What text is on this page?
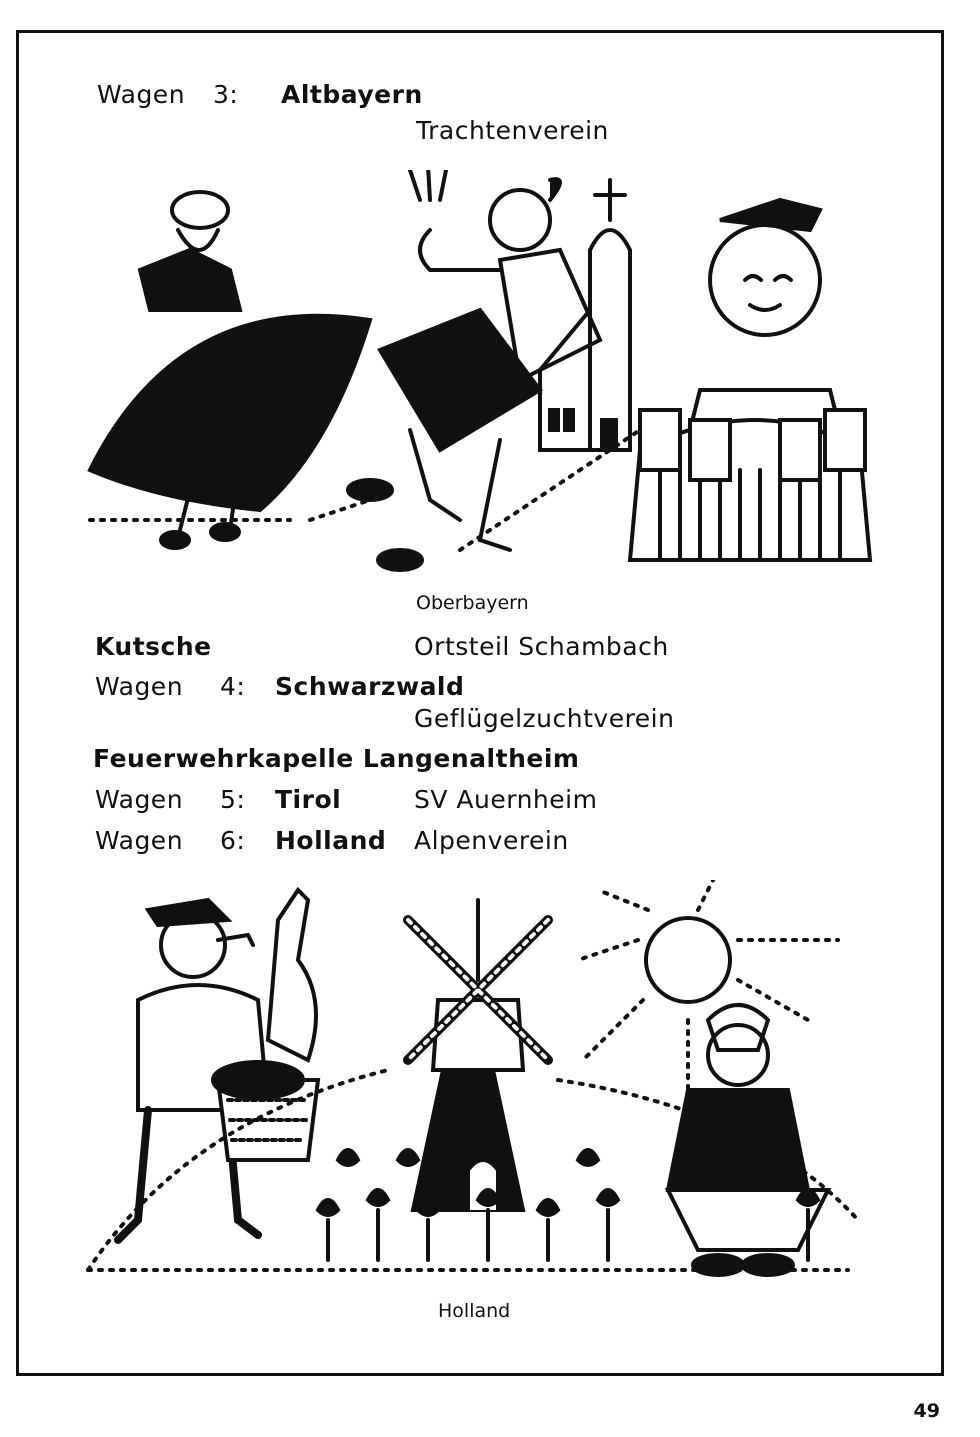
Wagen 3: Altbayern
Trachtenverein
Oberbayern
Kutsche	Ortsteil Schambach
Wagen 4: Schwarzwald
Geflügelzuchtverein
Feuerwehrkapelle Langenaltheim
Wagen 5: Tirol	SV Auernheim
Wagen 6: Holland Alpenverein
Holland
49
